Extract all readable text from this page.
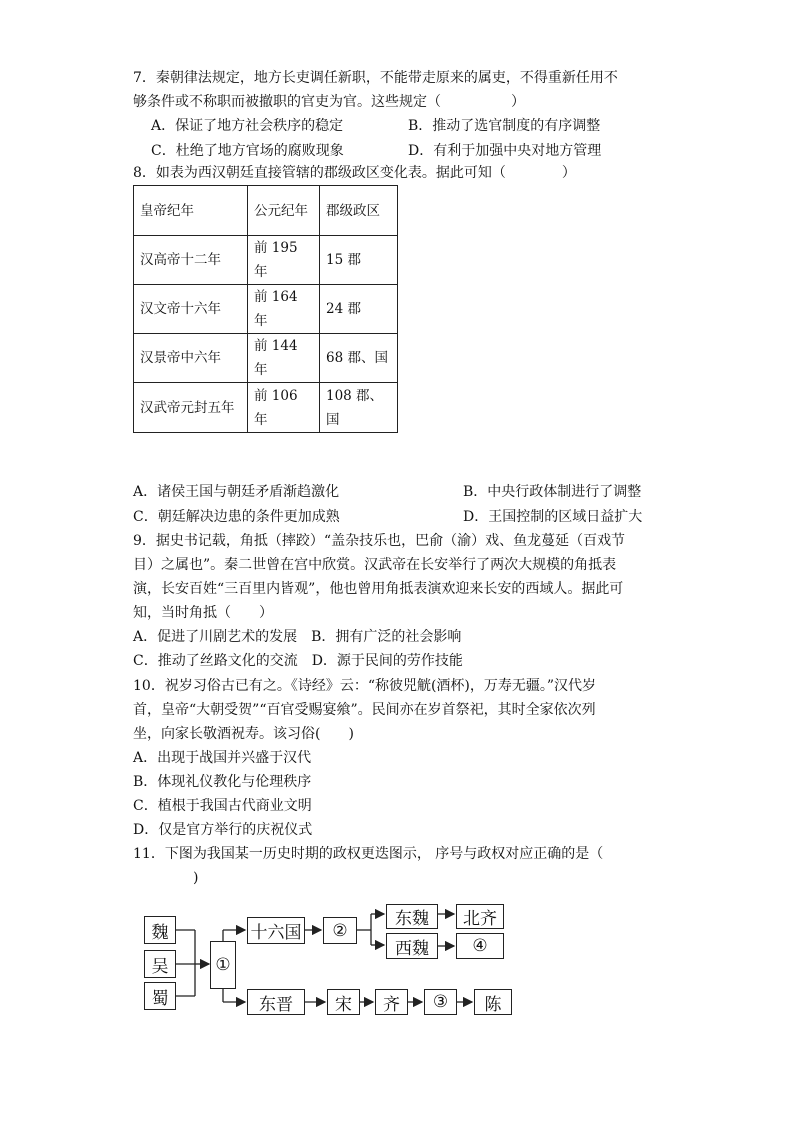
7．秦朝律法规定，地方长吏调任新职，不能带走原来的属吏，不得重新任用不
够条件或不称职而被撤职的官吏为官。这些规定（　　　　　）
A．保证了地方社会秩序的稳定	B．推动了选官制度的有序调整
C．杜绝了地方官场的腐败现象	D．有利于加强中央对地方管理
8．如表为西汉朝廷直接管辖的郡级政区变化表。据此可知（　　　　）
皇帝纪年	公元纪年	郡级政区
汉高帝十二年	前 195 年	15 郡
汉文帝十六年	前 164 年	24 郡
汉景帝中六年	前 144 年	68 郡、国
汉武帝元封五年	前 106 年	108 郡、国
A．诸侯王国与朝廷矛盾渐趋激化	B．中央行政体制进行了调整
C．朝廷解决边患的条件更加成熟	D．王国控制的区域日益扩大
9．据史书记载，角抵（摔跤）“盖杂技乐也，巴俞（渝）戏、鱼龙蔓延（百戏节
目）之属也”。秦二世曾在宫中欣赏。汉武帝在长安举行了两次大规模的角抵表
演，长安百姓“三百里内皆观”，他也曾用角抵表演欢迎来长安的西域人。据此可
知，当时角抵（　　）
A．促进了川剧艺术的发展　B．拥有广泛的社会影响
C．推动了丝路文化的交流　D．源于民间的劳作技能
10．祝岁习俗古已有之。《诗经》云：“称彼兕觥(酒杯)，万寿无疆。”汉代岁
首，皇帝“大朝受贺”“百官受赐宴飨”。民间亦在岁首祭祀，其时全家依次列
坐，向家长敬酒祝寿。该习俗(　　)
A．出现于战国并兴盛于汉代
B．体现礼仪教化与伦理秩序
C．植根于我国古代商业文明
D．仅是官方举行的庆祝仪式
11．下图为我国某一历史时期的政权更迭图示， 序号与政权对应正确的是（
)
魏
吴
蜀
①
十六国	②
东魏	北齐
西魏	④
东晋	宋	齐	③	陈
